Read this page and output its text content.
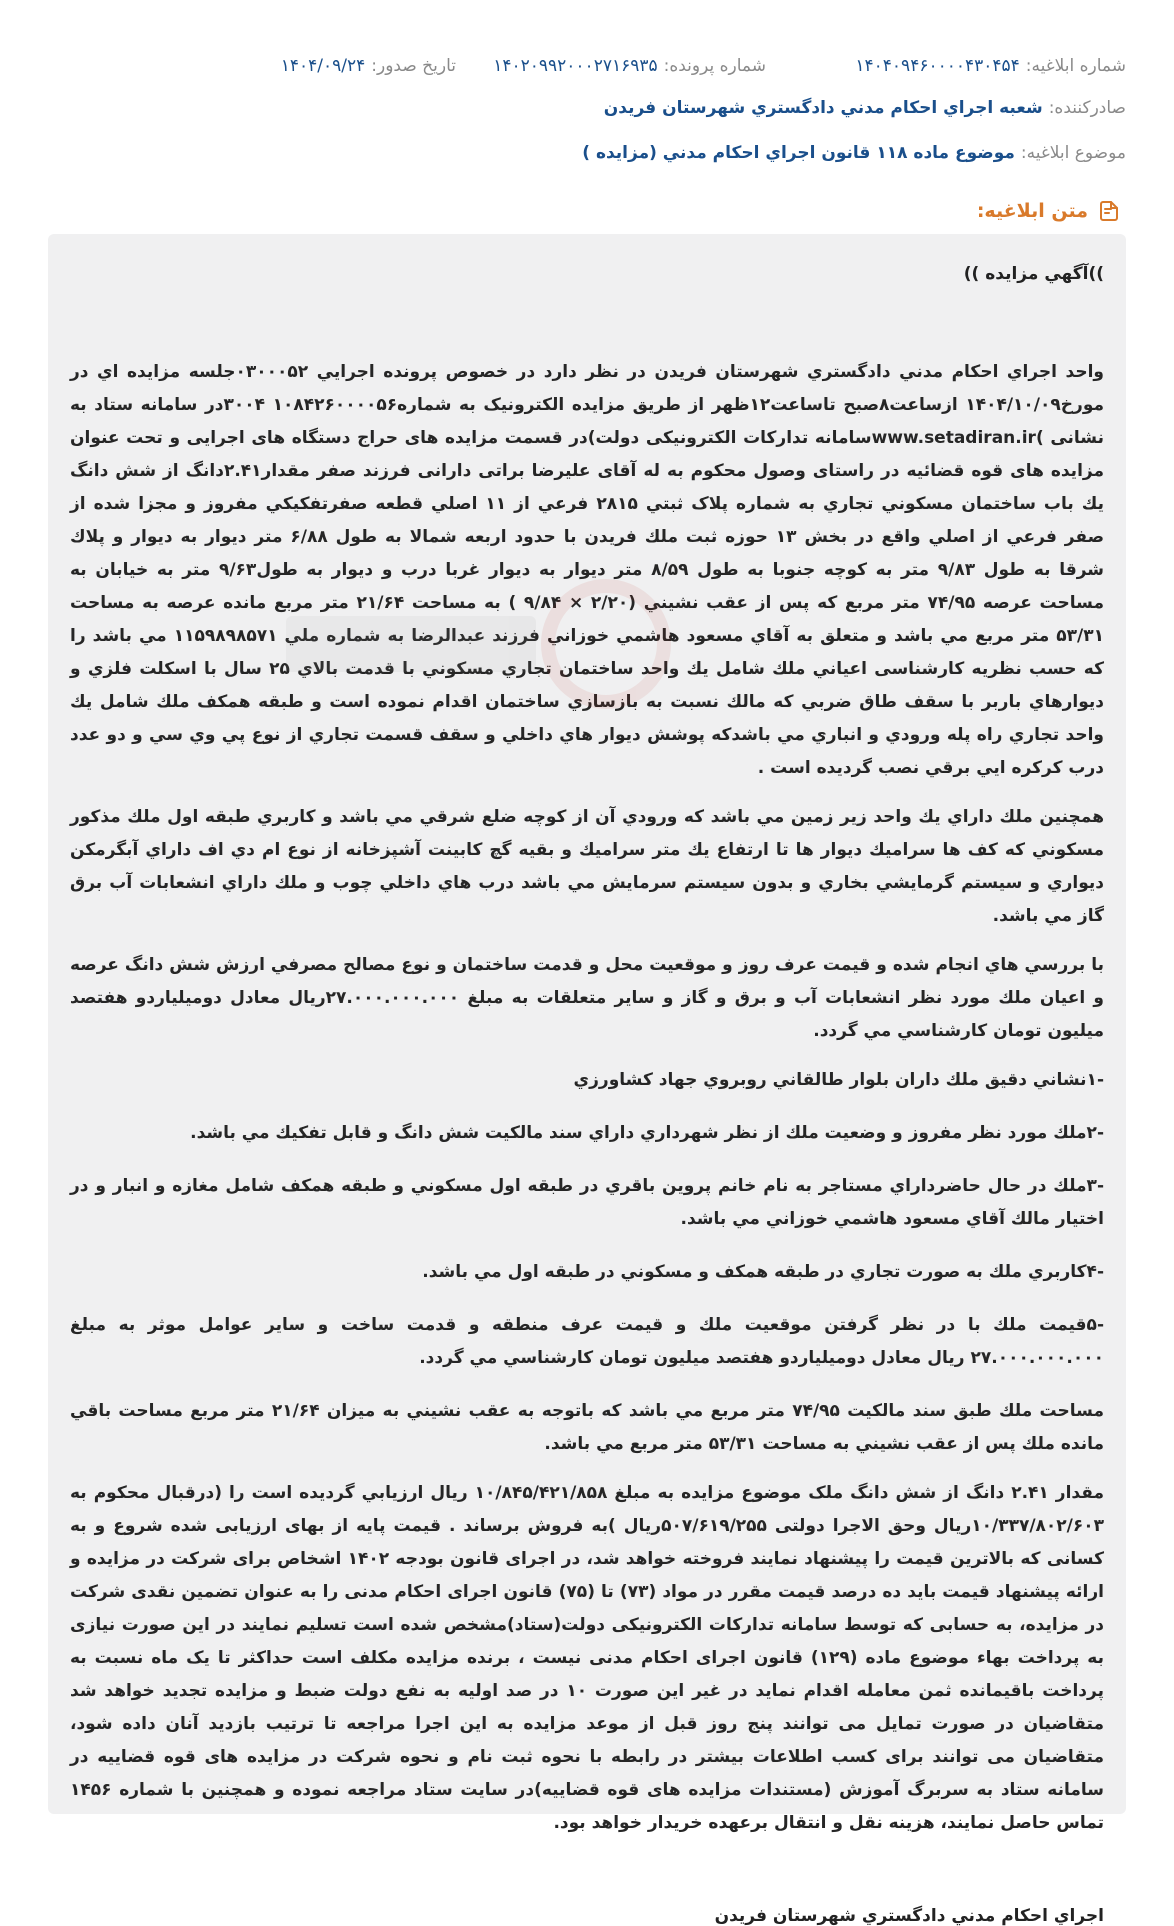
شماره ابلاغيه:
۱۴۰۴۰۹۴۶۰۰۰۰۴۳۰۴۵۴
شماره پرونده:
۱۴۰۲۰۹۹۲۰۰۰۲۷۱۶۹۳۵
تاريخ صدور:
۱۴۰۴/۰۹/۲۴
صادرکننده:
شعبه اجراي احکام مدني دادگستري شهرستان فريدن
موضوع ابلاغيه:
موضوع ماده ۱۱۸ قانون اجراي احکام مدني (مزايده )
متن ابلاغيه:
))آگهي مزايده ))

واحد اجراي احکام مدني دادگستري شهرستان فريدن در نظر دارد در خصوص پرونده اجرايي ۰۳۰۰۰۵۲جلسه مزايده اي در مورخ۱۴۰۴/۱۰/۰۹ ازساعت۸صبح تاساعت۱۲ظهر از طريق مزايده الکترونيک به شماره۱۰۸۴۲۶۰۰۰۰۵۶ ۳۰۰۴در سامانه ستاد به نشانی )www.setadiran.irسامانه تدارکات الکترونيکی دولت)در قسمت مزايده های حراج دستگاه های اجرايی و تحت عنوان مزايده های قوه قضائيه در راستای وصول محکوم به له آقای عليرضا براتی دارانی فرزند صفر مقدار۲.۴۱دانگ از شش دانگ يك باب ساختمان مسکوني تجاري به شماره پلاک ثبتي ۲۸۱۵ فرعي از ۱۱ اصلي قطعه صفرتفکيکي مفروز و مجزا شده از صفر فرعي از اصلي واقع در بخش ۱۳ حوزه ثبت ملك فريدن با حدود اربعه شمالا به طول ۶/۸۸ متر ديوار به ديوار و پلاك شرقا به طول ۹/۸۳ متر به كوچه جنوبا به طول ۸/۵۹ متر ديوار به ديوار غربا درب و ديوار به طول۹/۶۳ متر به خيابان به مساحت عرصه ۷۴/۹۵ متر مربع كه پس از عقب نشيني (۲/۲۰ × ۹/۸۴ ) به مساحت ۲۱/۶۴ متر مربع مانده عرصه به مساحت ۵۳/۳۱ متر مربع مي باشد و متعلق به آقاي مسعود هاشمي خوزاني فرزند عبدالرضا به شماره ملي ۱۱۵۹۸۹۸۵۷۱ مي باشد را كه حسب نظريه كارشناسی اعياني ملك شامل يك واحد ساختمان تجاري مسكوني با قدمت بالاي ۲۵ سال با اسكلت فلزي و ديوارهاي باربر با سقف طاق ضربي كه مالك نسبت به بازسازي ساختمان اقدام نموده است و طبقه همكف ملك شامل يك واحد تجاري راه پله ورودي و انباري مي باشدكه پوشش ديوار هاي داخلي و سقف قسمت تجاري از نوع پي وي سي و دو عدد درب كركره ايي برقي نصب گرديده است .

همچنين ملك داراي يك واحد زير زمين مي باشد كه ورودي آن از كوچه ضلع شرقي مي باشد و كاربري طبقه اول ملك مذكور مسكوني كه كف ها سراميك ديوار ها تا ارتفاع يك متر سراميك و بقيه گچ كابينت آشپزخانه از نوع ام دي اف داراي آبگرمكن ديواري و سيستم گرمايشي بخاري و بدون سيستم سرمايش مي باشد درب هاي داخلي چوب و ملك داراي انشعابات آب برق گاز مي باشد.

با بررسي هاي انجام شده و قيمت عرف روز و موقعيت محل و قدمت ساختمان و نوع مصالح مصرفي ارزش شش دانگ عرصه و اعيان ملك مورد نظر انشعابات آب و برق و گاز و ساير متعلقات به مبلغ ۲۷.۰۰۰.۰۰۰.۰۰۰ريال معادل دوميلياردو هفتصد ميليون تومان كارشناسي مي گردد.

-۱نشاني دقيق ملك داران بلوار طالقاني روبروي جهاد كشاورزي

-۲ملك مورد نظر مفروز و وضعيت ملك از نظر شهرداري داراي سند مالكيت شش دانگ و قابل تفكيك مي باشد.

-۳ملك در حال حاضرداراي مستاجر به نام خانم پروين باقري در طبقه اول مسكوني و طبقه همكف شامل مغازه و انبار و در اختيار مالك آقاي مسعود هاشمي خوزاني مي باشد.

-۴كاربري ملك به صورت تجاري در طبقه همكف و مسكوني در طبقه اول مي باشد.

-۵قيمت ملك با در نظر گرفتن موقعيت ملك و قيمت عرف منطقه و قدمت ساخت و ساير عوامل موثر به مبلغ ۲۷.۰۰۰.۰۰۰.۰۰۰ ريال معادل دوميلياردو هفتصد ميليون تومان كارشناسي مي گردد.

مساحت ملك طبق سند مالكيت ۷۴/۹۵ متر مربع مي باشد كه باتوجه به عقب نشيني به ميزان ۲۱/۶۴ متر مربع مساحت باقي مانده ملك پس از عقب نشيني به مساحت ۵۳/۳۱ متر مربع مي باشد.

مقدار ۲.۴۱ دانگ از شش دانگ ملک موضوع مزايده به مبلغ ۱۰/۸۴۵/۴۲۱/۸۵۸ ريال ارزيابي گرديده است را (درقبال محکوم به ۱۰/۳۳۷/۸۰۲/۶۰۳ريال وحق الاجرا دولتی ۵۰۷/۶۱۹/۲۵۵ريال )به فروش برساند . قيمت پايه از بهای ارزيابی شده شروع و به کسانی که بالاترين قيمت را پيشنهاد نمايند فروخته خواهد شد، در اجرای قانون بودجه ۱۴۰۲ اشخاص برای شرکت در مزايده و ارائه پيشنهاد قيمت بايد ده درصد قيمت مقرر در مواد (۷۳) تا (۷۵) قانون اجرای احکام مدنی را به عنوان تضمين نقدی شرکت در مزايده، به حسابی که توسط سامانه تدارکات الکترونيکی دولت(ستاد)مشخص شده است تسليم نمايند در اين صورت نيازی به پرداخت بهاء موضوع ماده (۱۲۹) قانون اجرای احکام مدنی نيست ، برنده مزايده مکلف است حداکثر تا يک ماه نسبت به پرداخت باقيمانده ثمن معامله اقدام نمايد در غير اين صورت ۱۰ در صد اوليه به نفع دولت ضبط و مزايده تجديد خواهد شد متقاضيان در صورت تمايل می توانند پنج روز قبل از موعد مزايده به اين اجرا مراجعه تا ترتيب بازديد آنان داده شود، متقاضيان می توانند برای کسب اطلاعات بيشتر در رابطه با نحوه ثبت نام و نحوه شرکت در مزايده های قوه قضاييه در سامانه ستاد به سربرگ آموزش (مستندات مزايده های قوه قضاييه)در سايت ستاد مراجعه نموده و همچنين با شماره ۱۴۵۶ تماس حاصل نمايند، هزينه نقل و انتقال برعهده خريدار خواهد بود.

اجراي احکام مدني دادگستري شهرستان فريدن
